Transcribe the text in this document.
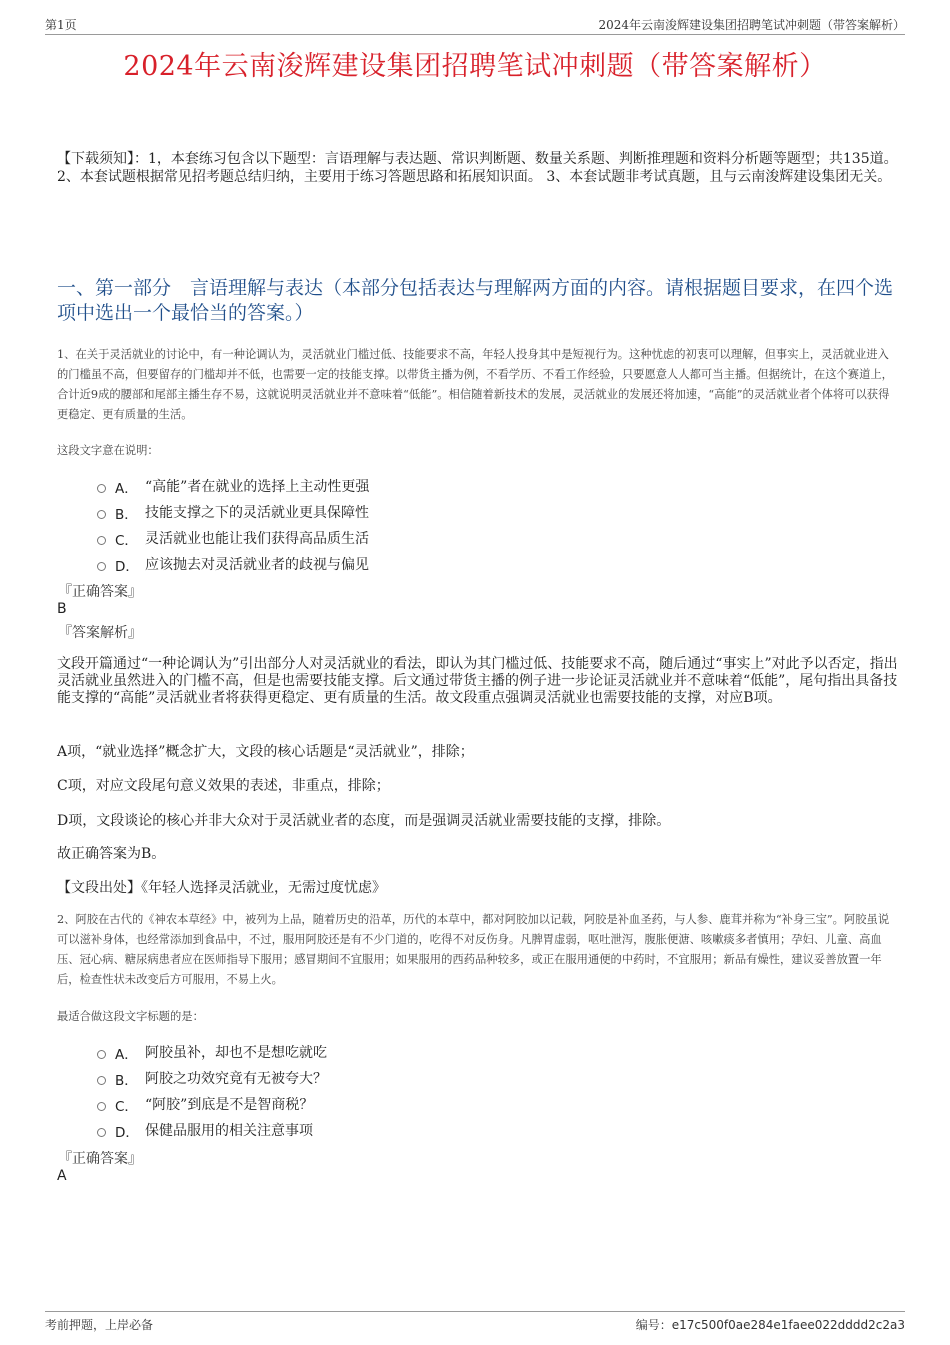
第1页	2024年云南浚辉建设集团招聘笔试冲刺题（带答案解析）
2024年云南浚辉建设集团招聘笔试冲刺题（带答案解析）
【下载须知】：1，本套练习包含以下题型：言语理解与表达题、常识判断题、数量关系题、判断推理题和资料分析题等题型；共135道。 2、本套试题根据常见招考题总结归纳，主要用于练习答题思路和拓展知识面。 3、本套试题非考试真题，且与云南浚辉建设集团无关。
一、第一部分　言语理解与表达（本部分包括表达与理解两方面的内容。请根据题目要求，在四个选项中选出一个最恰当的答案。）
1、在关于灵活就业的讨论中，有一种论调认为，灵活就业门槛过低、技能要求不高，年轻人投身其中是短视行为。这种忧虑的初衷可以理解，但事实上，灵活就业进入的门槛虽不高，但要留存的门槛却并不低，也需要一定的技能支撑。以带货主播为例，不看学历、不看工作经验，只要愿意人人都可当主播。但据统计，在这个赛道上，合计近9成的腰部和尾部主播生存不易，这就说明灵活就业并不意味着“低能”。相信随着新技术的发展，灵活就业的发展还将加速，“高能”的灵活就业者个体将可以获得更稳定、更有质量的生活。
这段文字意在说明：
A． “高能”者在就业的选择上主动性更强
B． 技能支撑之下的灵活就业更具保障性
C． 灵活就业也能让我们获得高品质生活
D． 应该抛去对灵活就业者的歧视与偏见
『正确答案』
B
『答案解析』
文段开篇通过“一种论调认为”引出部分人对灵活就业的看法，即认为其门槛过低、技能要求不高，随后通过“事实上”对此予以否定，指出灵活就业虽然进入的门槛不高，但是也需要技能支撑。后文通过带货主播的例子进一步论证灵活就业并不意味着“低能”，尾句指出具备技能支撑的“高能”灵活就业者将获得更稳定、更有质量的生活。故文段重点强调灵活就业也需要技能的支撑，对应B项。
A项，“就业选择”概念扩大，文段的核心话题是“灵活就业”，排除；
C项，对应文段尾句意义效果的表述，非重点，排除；
D项，文段谈论的核心并非大众对于灵活就业者的态度，而是强调灵活就业需要技能的支撑，排除。
故正确答案为B。
【文段出处】《年轻人选择灵活就业，无需过度忧虑》
2、阿胶在古代的《神农本草经》中，被列为上品，随着历史的沿革，历代的本草中，都对阿胶加以记载，阿胶是补血圣药，与人参、鹿茸并称为“补身三宝”。阿胶虽说可以滋补身体，也经常添加到食品中，不过，服用阿胶还是有不少门道的，吃得不对反伤身。凡脾胃虚弱，呕吐泄泻，腹胀便溏、咳嗽痰多者慎用；孕妇、儿童、高血压、冠心病、糖尿病患者应在医师指导下服用；感冒期间不宜服用；如果服用的西药品种较多，或正在服用通便的中药时，不宜服用；新品有燥性，建议妥善放置一年后，检查性状未改变后方可服用，不易上火。
最适合做这段文字标题的是：
A． 阿胶虽补，却也不是想吃就吃
B． 阿胶之功效究竟有无被夸大？
C． “阿胶”到底是不是智商税？
D． 保健品服用的相关注意事项
『正确答案』
A
考前押题，上岸必备	编号：e17c500f0ae284e1faee022dddd2c2a3
